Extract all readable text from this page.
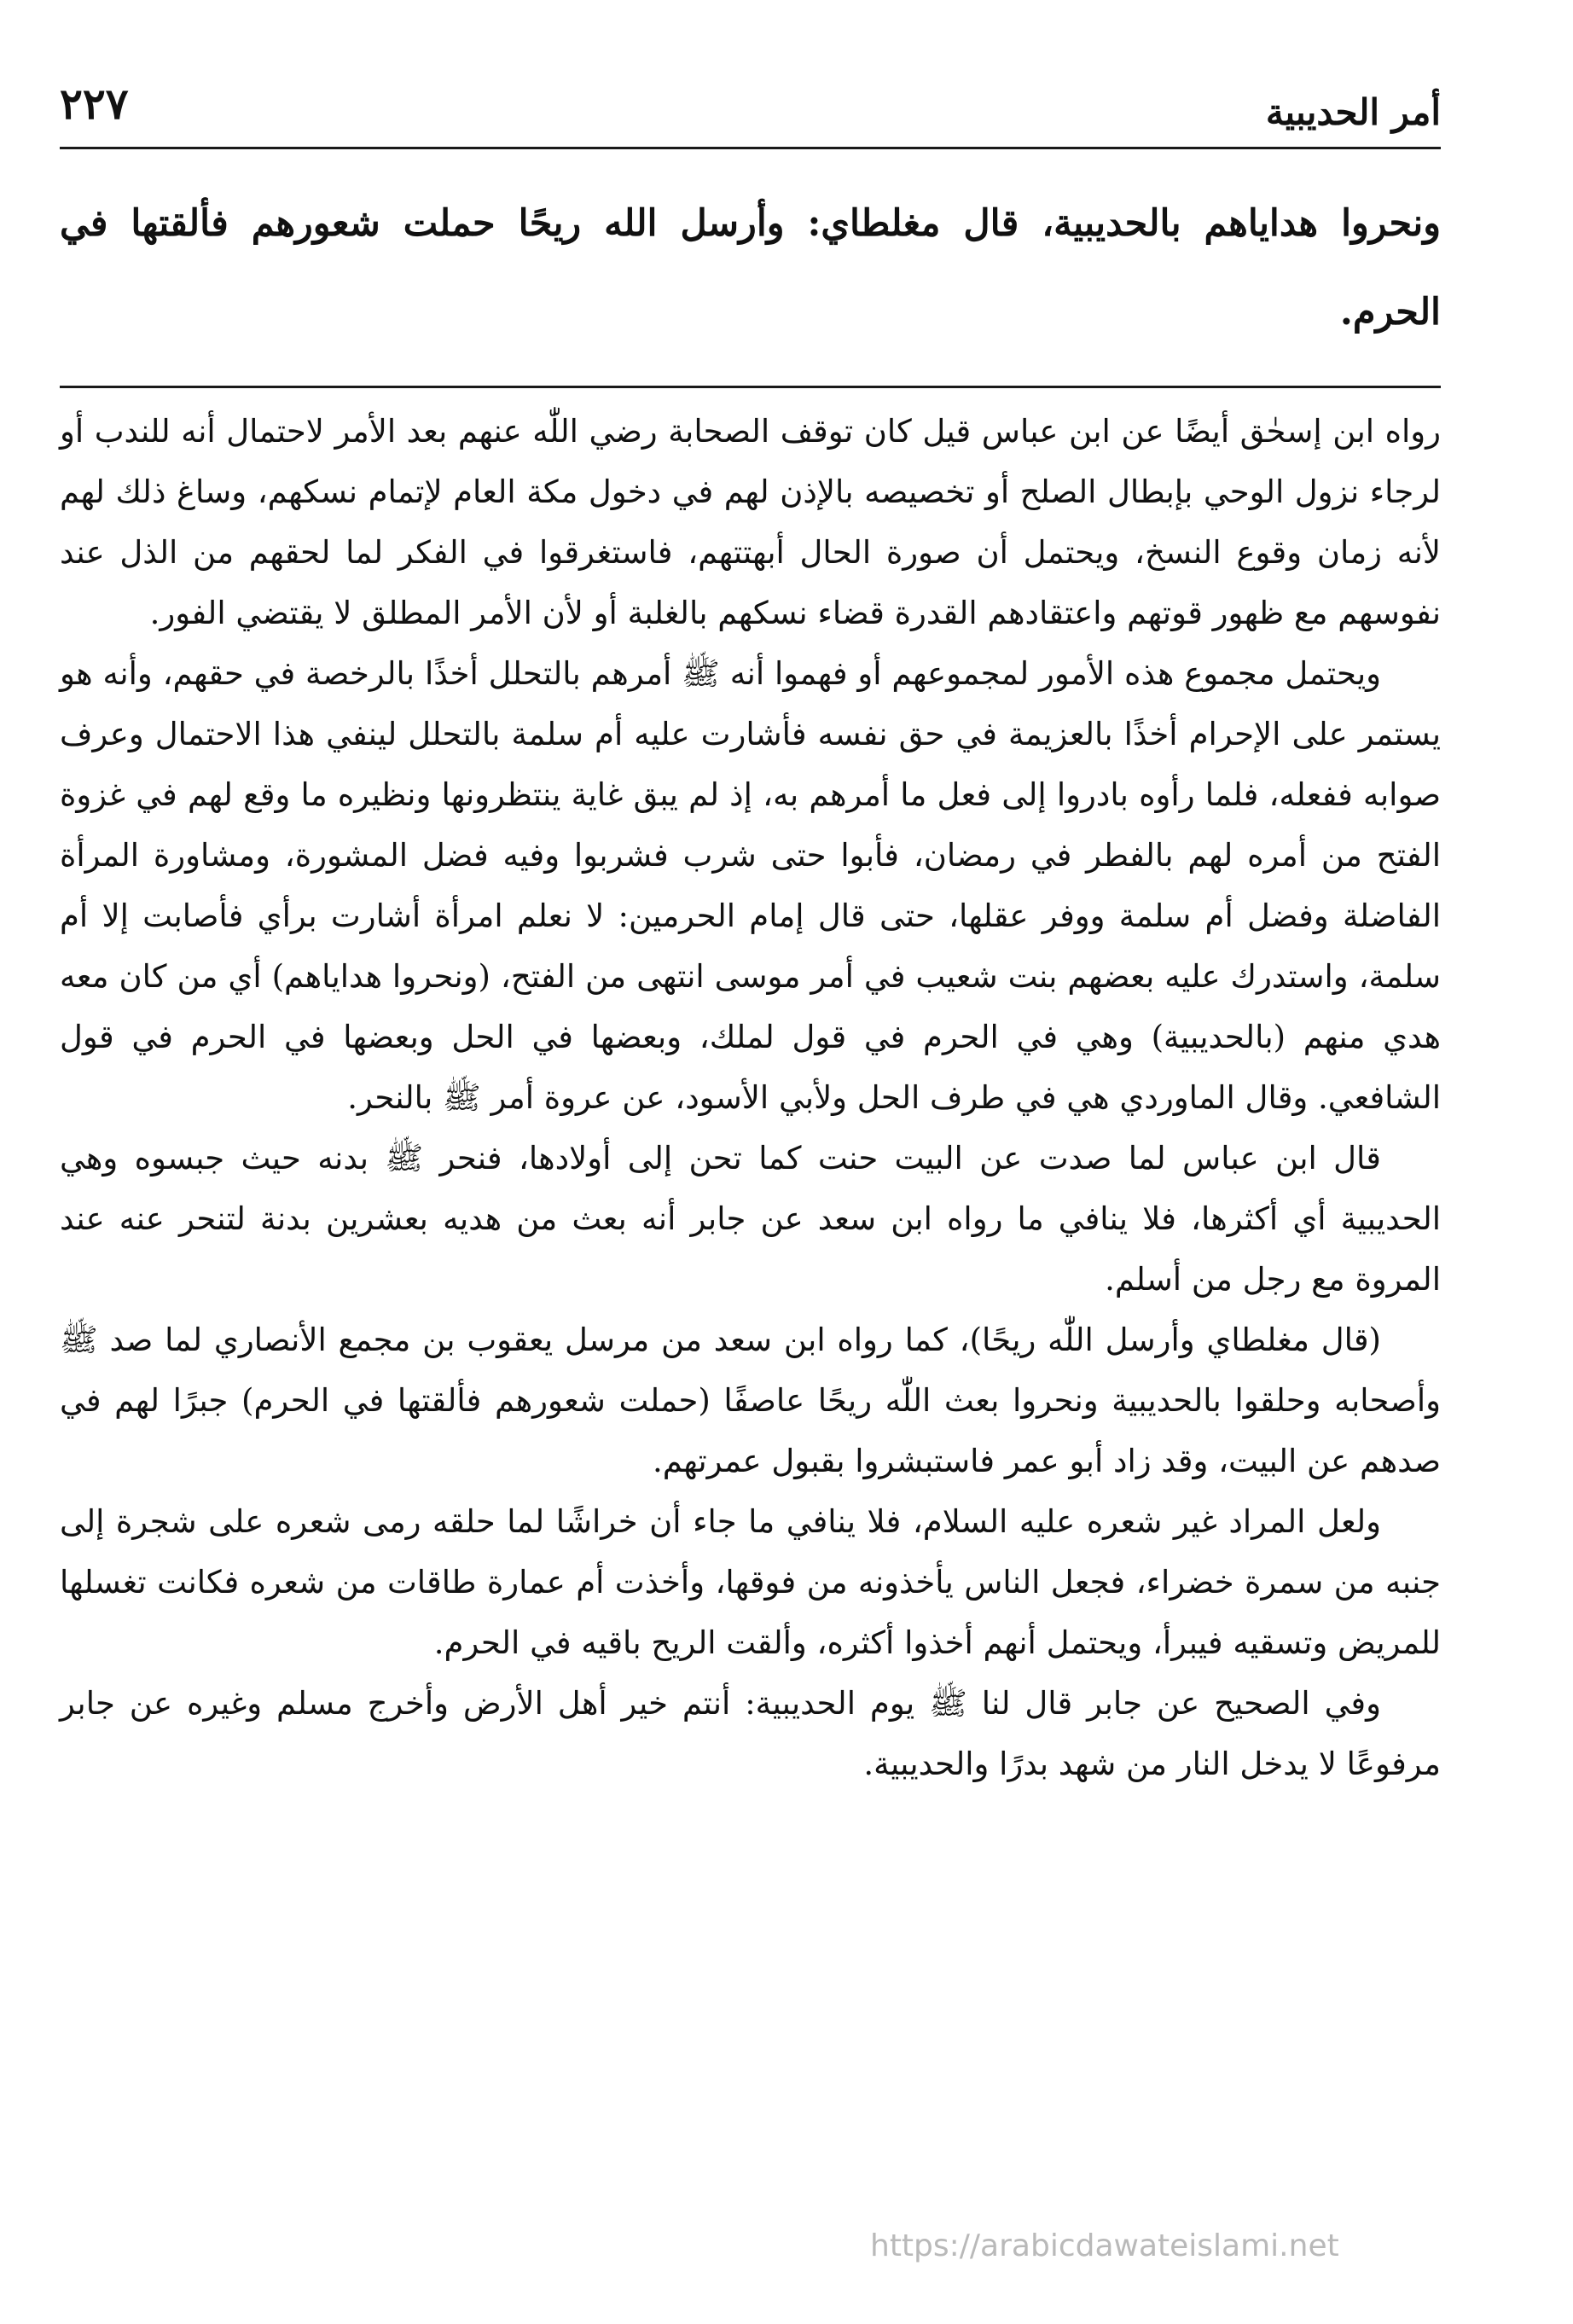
أمر الحديبية
٢٢٧
ونحروا هداياهم بالحديبية، قال مغلطاي: وأرسل الله ريحًا حملت شعورهم فألقتها في الحرم.

رواه ابن إسحٰق أيضًا عن ابن عباس قيل كان توقف الصحابة رضي اللّٰه عنهم بعد الأمر لاحتمال أنه للندب أو لرجاء نزول الوحي بإبطال الصلح أو تخصيصه بالإذن لهم في دخول مكة العام لإتمام نسكهم، وساغ ذلك لهم لأنه زمان وقوع النسخ، ويحتمل أن صورة الحال أبهتتهم، فاستغرقوا في الفكر لما لحقهم من الذل عند نفوسهم مع ظهور قوتهم واعتقادهم القدرة قضاء نسكهم بالغلبة أو لأن الأمر المطلق لا يقتضي الفور.

ويحتمل مجموع هذه الأمور لمجموعهم أو فهموا أنه ﷺ أمرهم بالتحلل أخذًا بالرخصة في حقهم، وأنه هو يستمر على الإحرام أخذًا بالعزيمة في حق نفسه فأشارت عليه أم سلمة بالتحلل لينفي هذا الاحتمال وعرف صوابه ففعله، فلما رأوه بادروا إلى فعل ما أمرهم به، إذ لم يبق غاية ينتظرونها ونظيره ما وقع لهم في غزوة الفتح من أمره لهم بالفطر في رمضان، فأبوا حتى شرب فشربوا وفيه فضل المشورة، ومشاورة المرأة الفاضلة وفضل أم سلمة ووفر عقلها، حتى قال إمام الحرمين: لا نعلم امرأة أشارت برأي فأصابت إلا أم سلمة، واستدرك عليه بعضهم بنت شعيب في أمر موسى انتهى من الفتح، (ونحروا هداياهم) أي من كان معه هدي منهم (بالحديبية) وهي في الحرم في قول لملك، وبعضها في الحل وبعضها في الحرم في قول الشافعي. وقال الماوردي هي في طرف الحل ولأبي الأسود، عن عروة أمر ﷺ بالنحر.

قال ابن عباس لما صدت عن البيت حنت كما تحن إلى أولادها، فنحر ﷺ بدنه حيث جبسوه وهي الحديبية أي أكثرها، فلا ينافي ما رواه ابن سعد عن جابر أنه بعث من هديه بعشرين بدنة لتنحر عنه عند المروة مع رجل من أسلم.

(قال مغلطاي وأرسل اللّٰه ريحًا)، كما رواه ابن سعد من مرسل يعقوب بن مجمع الأنصاري لما صد ﷺ وأصحابه وحلقوا بالحديبية ونحروا بعث اللّٰه ريحًا عاصفًا (حملت شعورهم فألقتها في الحرم) جبرًا لهم في صدهم عن البيت، وقد زاد أبو عمر فاستبشروا بقبول عمرتهم.

ولعل المراد غير شعره عليه السلام، فلا ينافي ما جاء أن خراشًا لما حلقه رمى شعره على شجرة إلى جنبه من سمرة خضراء، فجعل الناس يأخذونه من فوقها، وأخذت أم عمارة طاقات من شعره فكانت تغسلها للمريض وتسقيه فيبرأ، ويحتمل أنهم أخذوا أكثره، وألقت الريح باقيه في الحرم.

وفي الصحيح عن جابر قال لنا ﷺ يوم الحديبية: أنتم خير أهل الأرض وأخرج مسلم وغيره عن جابر مرفوعًا لا يدخل النار من شهد بدرًا والحديبية.

https://arabicdawateislami.net
